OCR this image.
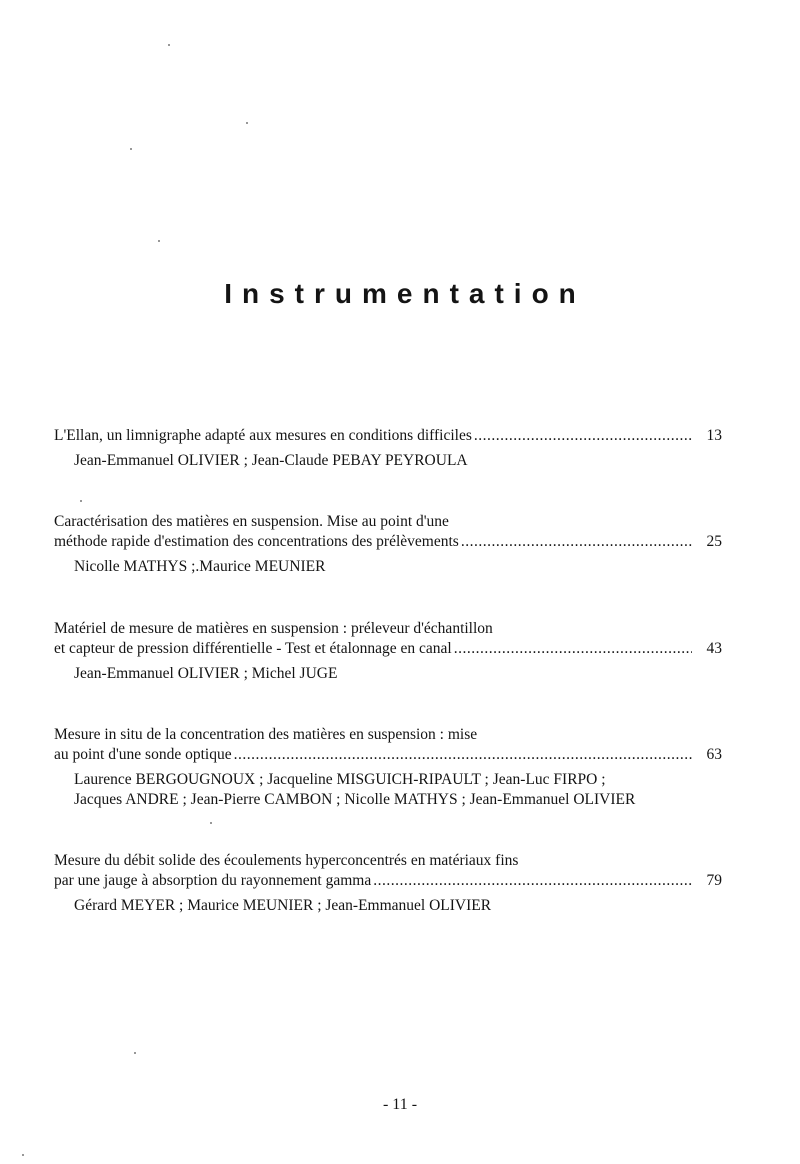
Instrumentation
L'Ellan, un limnigraphe adapté aux mesures en conditions difficiles .....	13
Jean-Emmanuel OLIVIER ; Jean-Claude PEBAY PEYROULA
Caractérisation des matières en suspension. Mise au point d'une
méthode rapide d'estimation des concentrations des prélèvements .....	25
Nicolle MATHYS ;.Maurice MEUNIER
Matériel de mesure de matières en suspension : préleveur d'échantillon
et capteur de pression différentielle - Test et étalonnage en canal .....	43
Jean-Emmanuel OLIVIER ; Michel JUGE
Mesure in situ de la concentration des matières en suspension : mise
au point d'une sonde optique .....	63
Laurence BERGOUGNOUX ; Jacqueline MISGUICH-RIPAULT ; Jean-Luc FIRPO ;
Jacques ANDRE ; Jean-Pierre CAMBON ; Nicolle MATHYS ; Jean-Emmanuel OLIVIER
Mesure du débit solide des écoulements hyperconcentrés en matériaux fins
par une jauge à absorption du rayonnement gamma .....	79
Gérard MEYER ; Maurice MEUNIER ; Jean-Emmanuel OLIVIER
- 11 -
